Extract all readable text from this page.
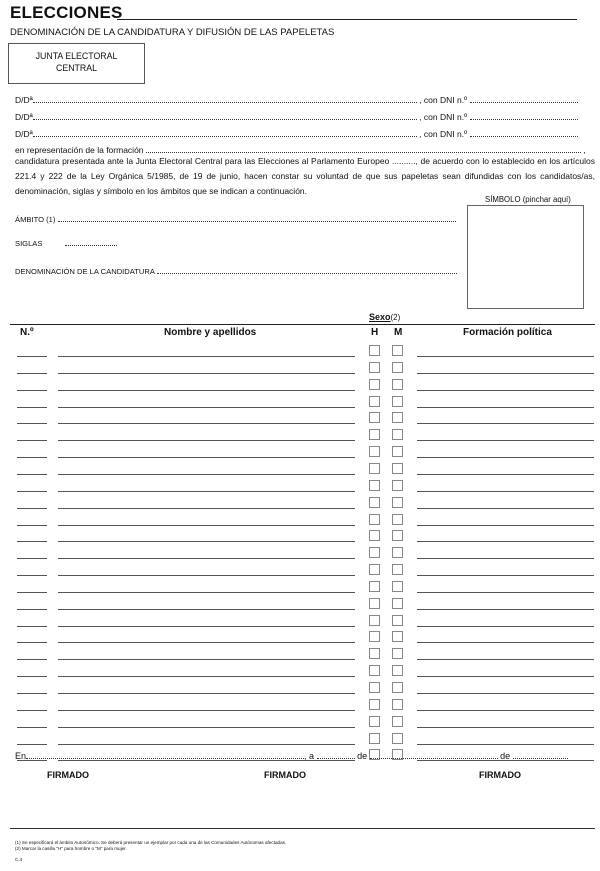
ELECCIONES
DENOMINACIÓN DE LA CANDIDATURA Y DIFUSIÓN DE LAS PAPELETAS
JUNTA ELECTORAL
CENTRAL
D/Dª	, con DNI n.º
D/Dª	, con DNI n.º
D/Dª	, con DNI n.º
en representación de la formación	,
candidatura presentada ante la Junta Electoral Central para las Elecciones al Parlamento Europeo .........., de acuerdo con lo establecido en los artículos 221.4 y 222 de la Ley Orgánica 5/1985, de 19 de junio, hacen constar su voluntad de que sus papeletas sean difundidas con los candidatos/as, denominación, siglas y símbolo en los ámbitos que se indican a continuación.
SÍMBOLO (pinchar aquí)
ÁMBITO (1)
SIGLAS
DENOMINACIÓN DE LA CANDIDATURA
Sexo(2)
N.º	Nombre y apellidos	H M	Formación política
En	, a	de	de
FIRMADO	FIRMADO	FIRMADO
(1) Se especificará el ámbito Autonómico. Se deberá presentar un ejemplar por cada una de las Comunidades Autónomas afectadas.
(2) Marcar la casilla "H" para hombre o "M" para mujer.
C.4
